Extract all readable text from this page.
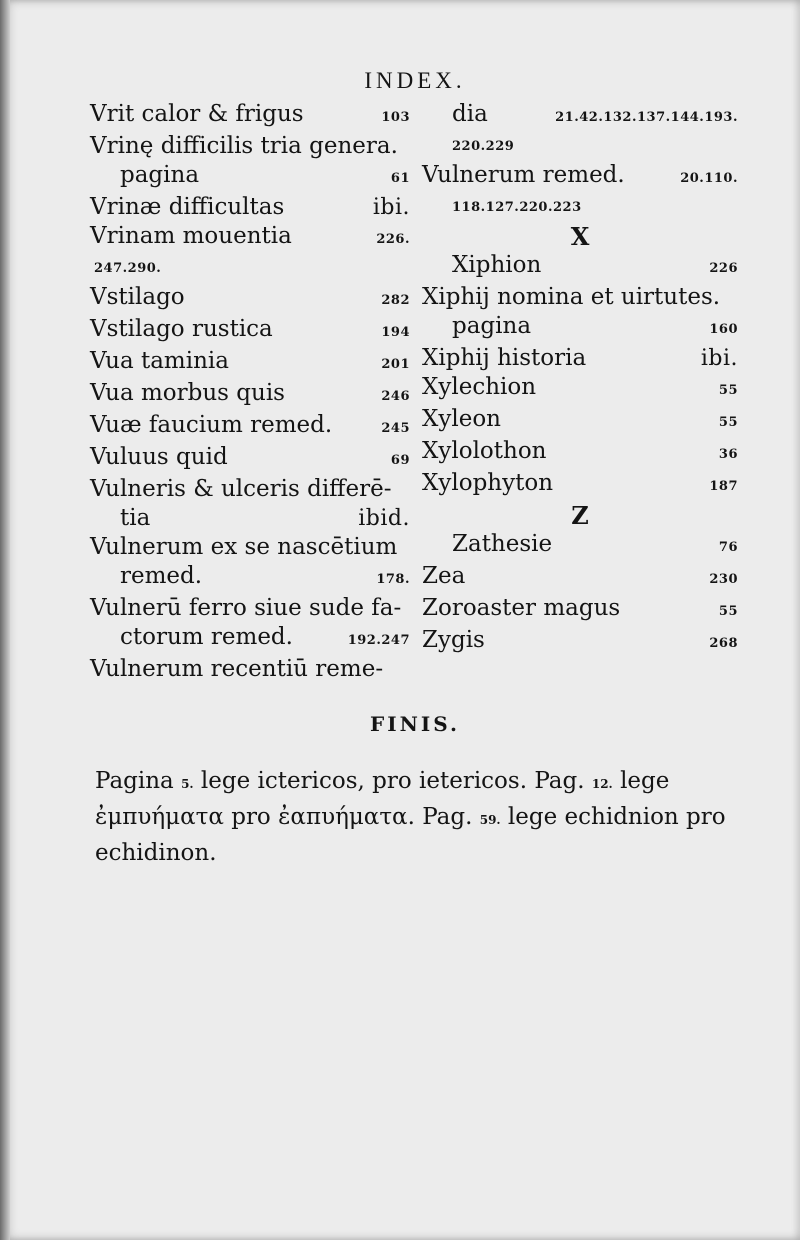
INDEX.
Vrit calor & frigus	103
Vrinę difficilis tria genera.
pagina	61
Vrinæ difficultas	ibi.
Vrinam mouentia	226.
247.290.
Vstilago	282
Vstilago rustica	194
Vua taminia	201
Vua morbus quis	246
Vuæ faucium remed.	245
Vuluus quid	69
Vulneris & ulceris differē-
tia	ibid.
Vulnerum ex se nascētium
remed.	178.
Vulnerū ferro siue sude fa-
ctorum remed.	192.247
Vulnerum recentiū reme-
dia	21.42.132.137.144.193.
220.229
Vulnerum remed.	20.110.
118.127.220.223
X
Xiphion	226
Xiphij nomina et uirtutes.
pagina	160
Xiphij historia	ibi.
Xylechion	55
Xyleon	55
Xylolothon	36
Xylophyton	187
Z
Zathesie	76
Zea	230
Zoroaster magus	55
Zygis	268
FINIS.
Pagina 5. lege ictericos, pro ietericos. Pag. 12. lege ἐμπυήματα pro ἐαπυήματα. Pag. 59. lege echidnion pro echidinon.
